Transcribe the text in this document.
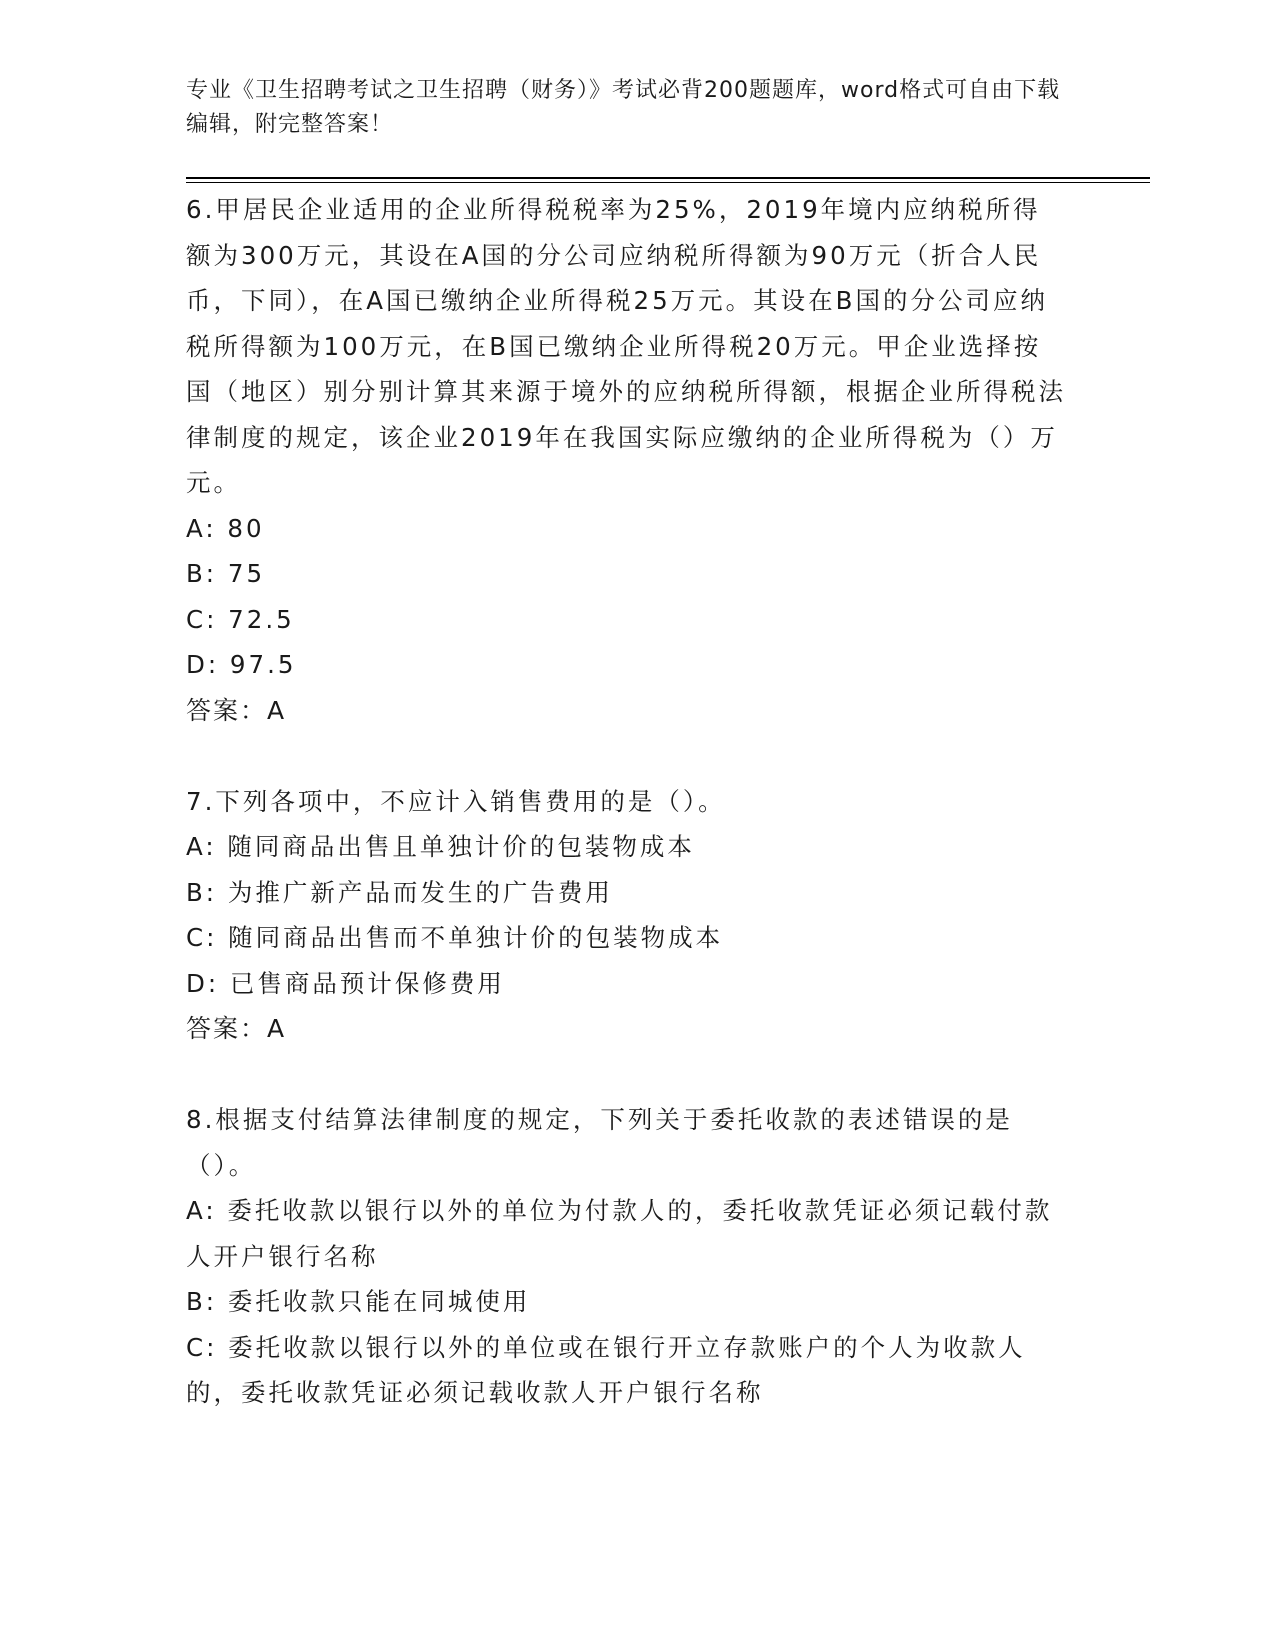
专业《卫生招聘考试之卫生招聘（财务）》考试必背200题题库，word格式可自由下载编辑，附完整答案！

6.甲居民企业适用的企业所得税税率为25%，2019年境内应纳税所得额为300万元，其设在A国的分公司应纳税所得额为90万元（折合人民币，下同），在A国已缴纳企业所得税25万元。其设在B国的分公司应纳税所得额为100万元，在B国已缴纳企业所得税20万元。甲企业选择按国（地区）别分别计算其来源于境外的应纳税所得额，根据企业所得税法律制度的规定，该企业2019年在我国实际应缴纳的企业所得税为（）万元。

A: 80

B: 75

C: 72.5

D: 97.5

答案：A

7.下列各项中，不应计入销售费用的是（）。

A: 随同商品出售且单独计价的包装物成本

B: 为推广新产品而发生的广告费用

C: 随同商品出售而不单独计价的包装物成本

D: 已售商品预计保修费用

答案：A

8.根据支付结算法律制度的规定，下列关于委托收款的表述错误的是（）。

A: 委托收款以银行以外的单位为付款人的，委托收款凭证必须记载付款人开户银行名称

B: 委托收款只能在同城使用

C: 委托收款以银行以外的单位或在银行开立存款账户的个人为收款人的，委托收款凭证必须记载收款人开户银行名称
